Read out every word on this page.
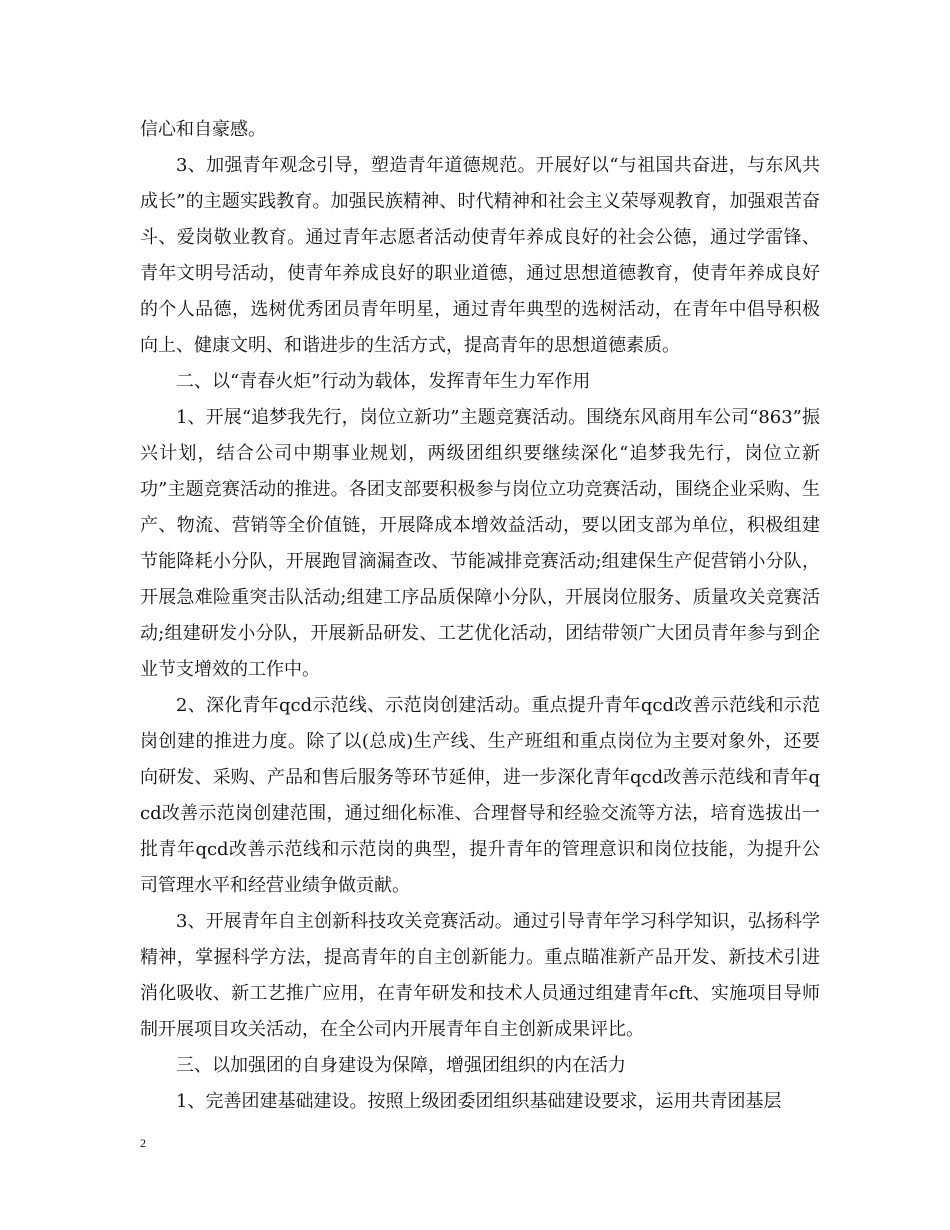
信心和自豪感。

3、加强青年观念引导，塑造青年道德规范。开展好以“与祖国共奋进，与东风共成长”的主题实践教育。加强民族精神、时代精神和社会主义荣辱观教育，加强艰苦奋斗、爱岗敬业教育。通过青年志愿者活动使青年养成良好的社会公德，通过学雷锋、青年文明号活动，使青年养成良好的职业道德，通过思想道德教育，使青年养成良好的个人品德，选树优秀团员青年明星，通过青年典型的选树活动，在青年中倡导积极向上、健康文明、和谐进步的生活方式，提高青年的思想道德素质。

二、以“青春火炬”行动为载体，发挥青年生力军作用

1、开展“追梦我先行，岗位立新功”主题竞赛活动。围绕东风商用车公司“863”振兴计划，结合公司中期事业规划，两级团组织要继续深化“追梦我先行，岗位立新功”主题竞赛活动的推进。各团支部要积极参与岗位立功竞赛活动，围绕企业采购、生产、物流、营销等全价值链，开展降成本增效益活动，要以团支部为单位，积极组建节能降耗小分队，开展跑冒滴漏查改、节能减排竞赛活动;组建保生产促营销小分队，开展急难险重突击队活动;组建工序品质保障小分队，开展岗位服务、质量攻关竞赛活动;组建研发小分队，开展新品研发、工艺优化活动，团结带领广大团员青年参与到企业节支增效的工作中。

2、深化青年qcd示范线、示范岗创建活动。重点提升青年qcd改善示范线和示范岗创建的推进力度。除了以(总成)生产线、生产班组和重点岗位为主要对象外，还要向研发、采购、产品和售后服务等环节延伸，进一步深化青年qcd改善示范线和青年qcd改善示范岗创建范围，通过细化标准、合理督导和经验交流等方法，培育选拔出一批青年qcd改善示范线和示范岗的典型，提升青年的管理意识和岗位技能，为提升公司管理水平和经营业绩争做贡献。

3、开展青年自主创新科技攻关竞赛活动。通过引导青年学习科学知识，弘扬科学精神，掌握科学方法，提高青年的自主创新能力。重点瞄准新产品开发、新技术引进消化吸收、新工艺推广应用，在青年研发和技术人员通过组建青年cft、实施项目导师制开展项目攻关活动，在全公司内开展青年自主创新成果评比。

三、以加强团的自身建设为保障，增强团组织的内在活力

1、完善团建基础建设。按照上级团委团组织基础建设要求，运用共青团基层

2
